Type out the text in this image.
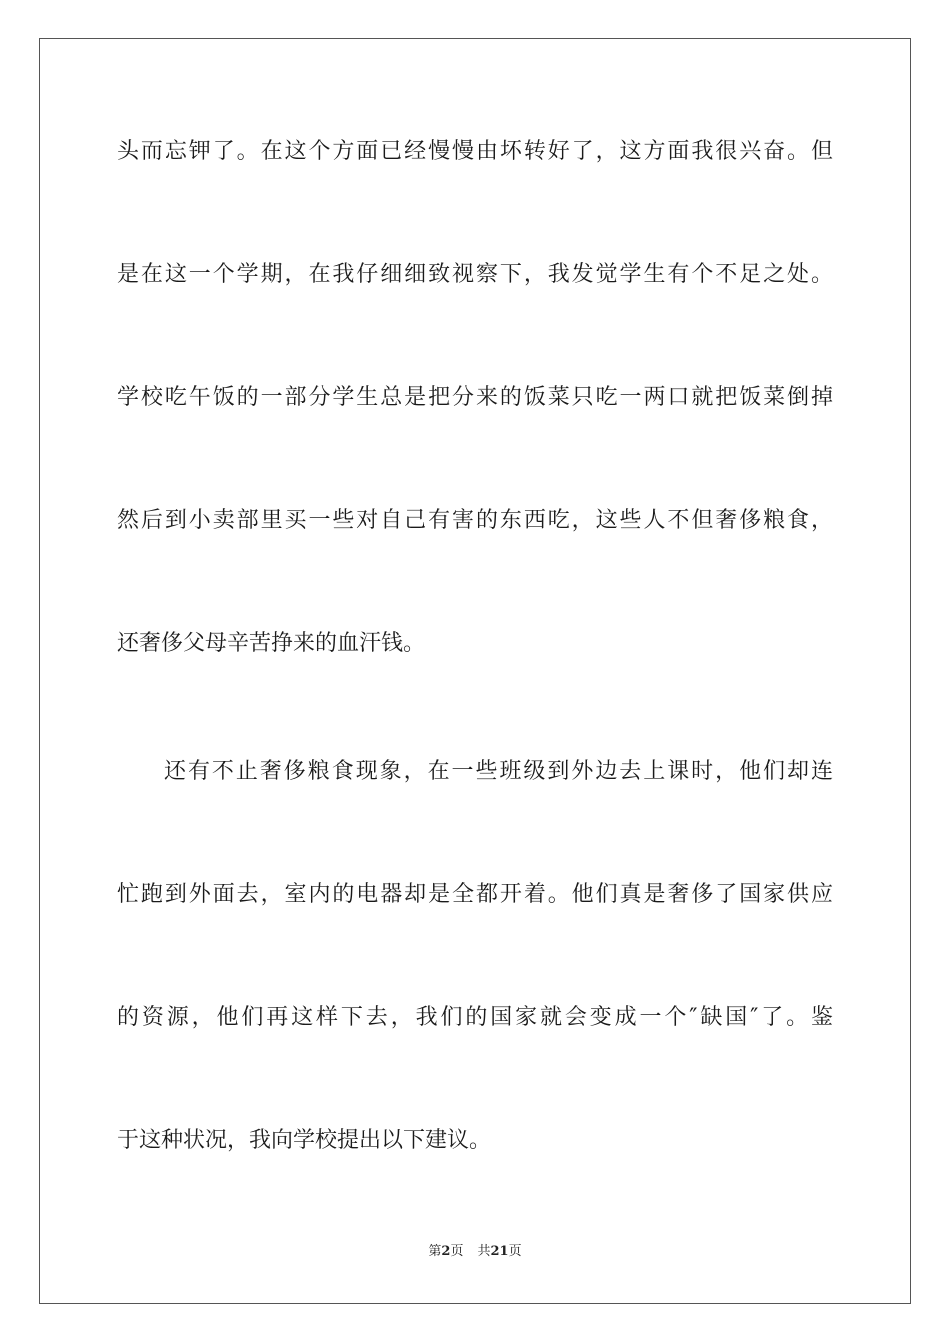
头而忘钾了。在这个方面已经慢慢由坏转好了，这方面我很兴奋。但
是在这一个学期，在我仔细细致视察下，我发觉学生有个不足之处。
学校吃午饭的一部分学生总是把分来的饭菜只吃一两口就把饭菜倒掉
然后到小卖部里买一些对自己有害的东西吃，这些人不但奢侈粮食，
还奢侈父母辛苦挣来的血汗钱。
还有不止奢侈粮食现象，在一些班级到外边去上课时，他们却连
忙跑到外面去，室内的电器却是全都开着。他们真是奢侈了国家供应
的资源，他们再这样下去，我们的国家就会变成一个″缺国″了。鉴
于这种状况，我向学校提出以下建议。
第2页 共21页
